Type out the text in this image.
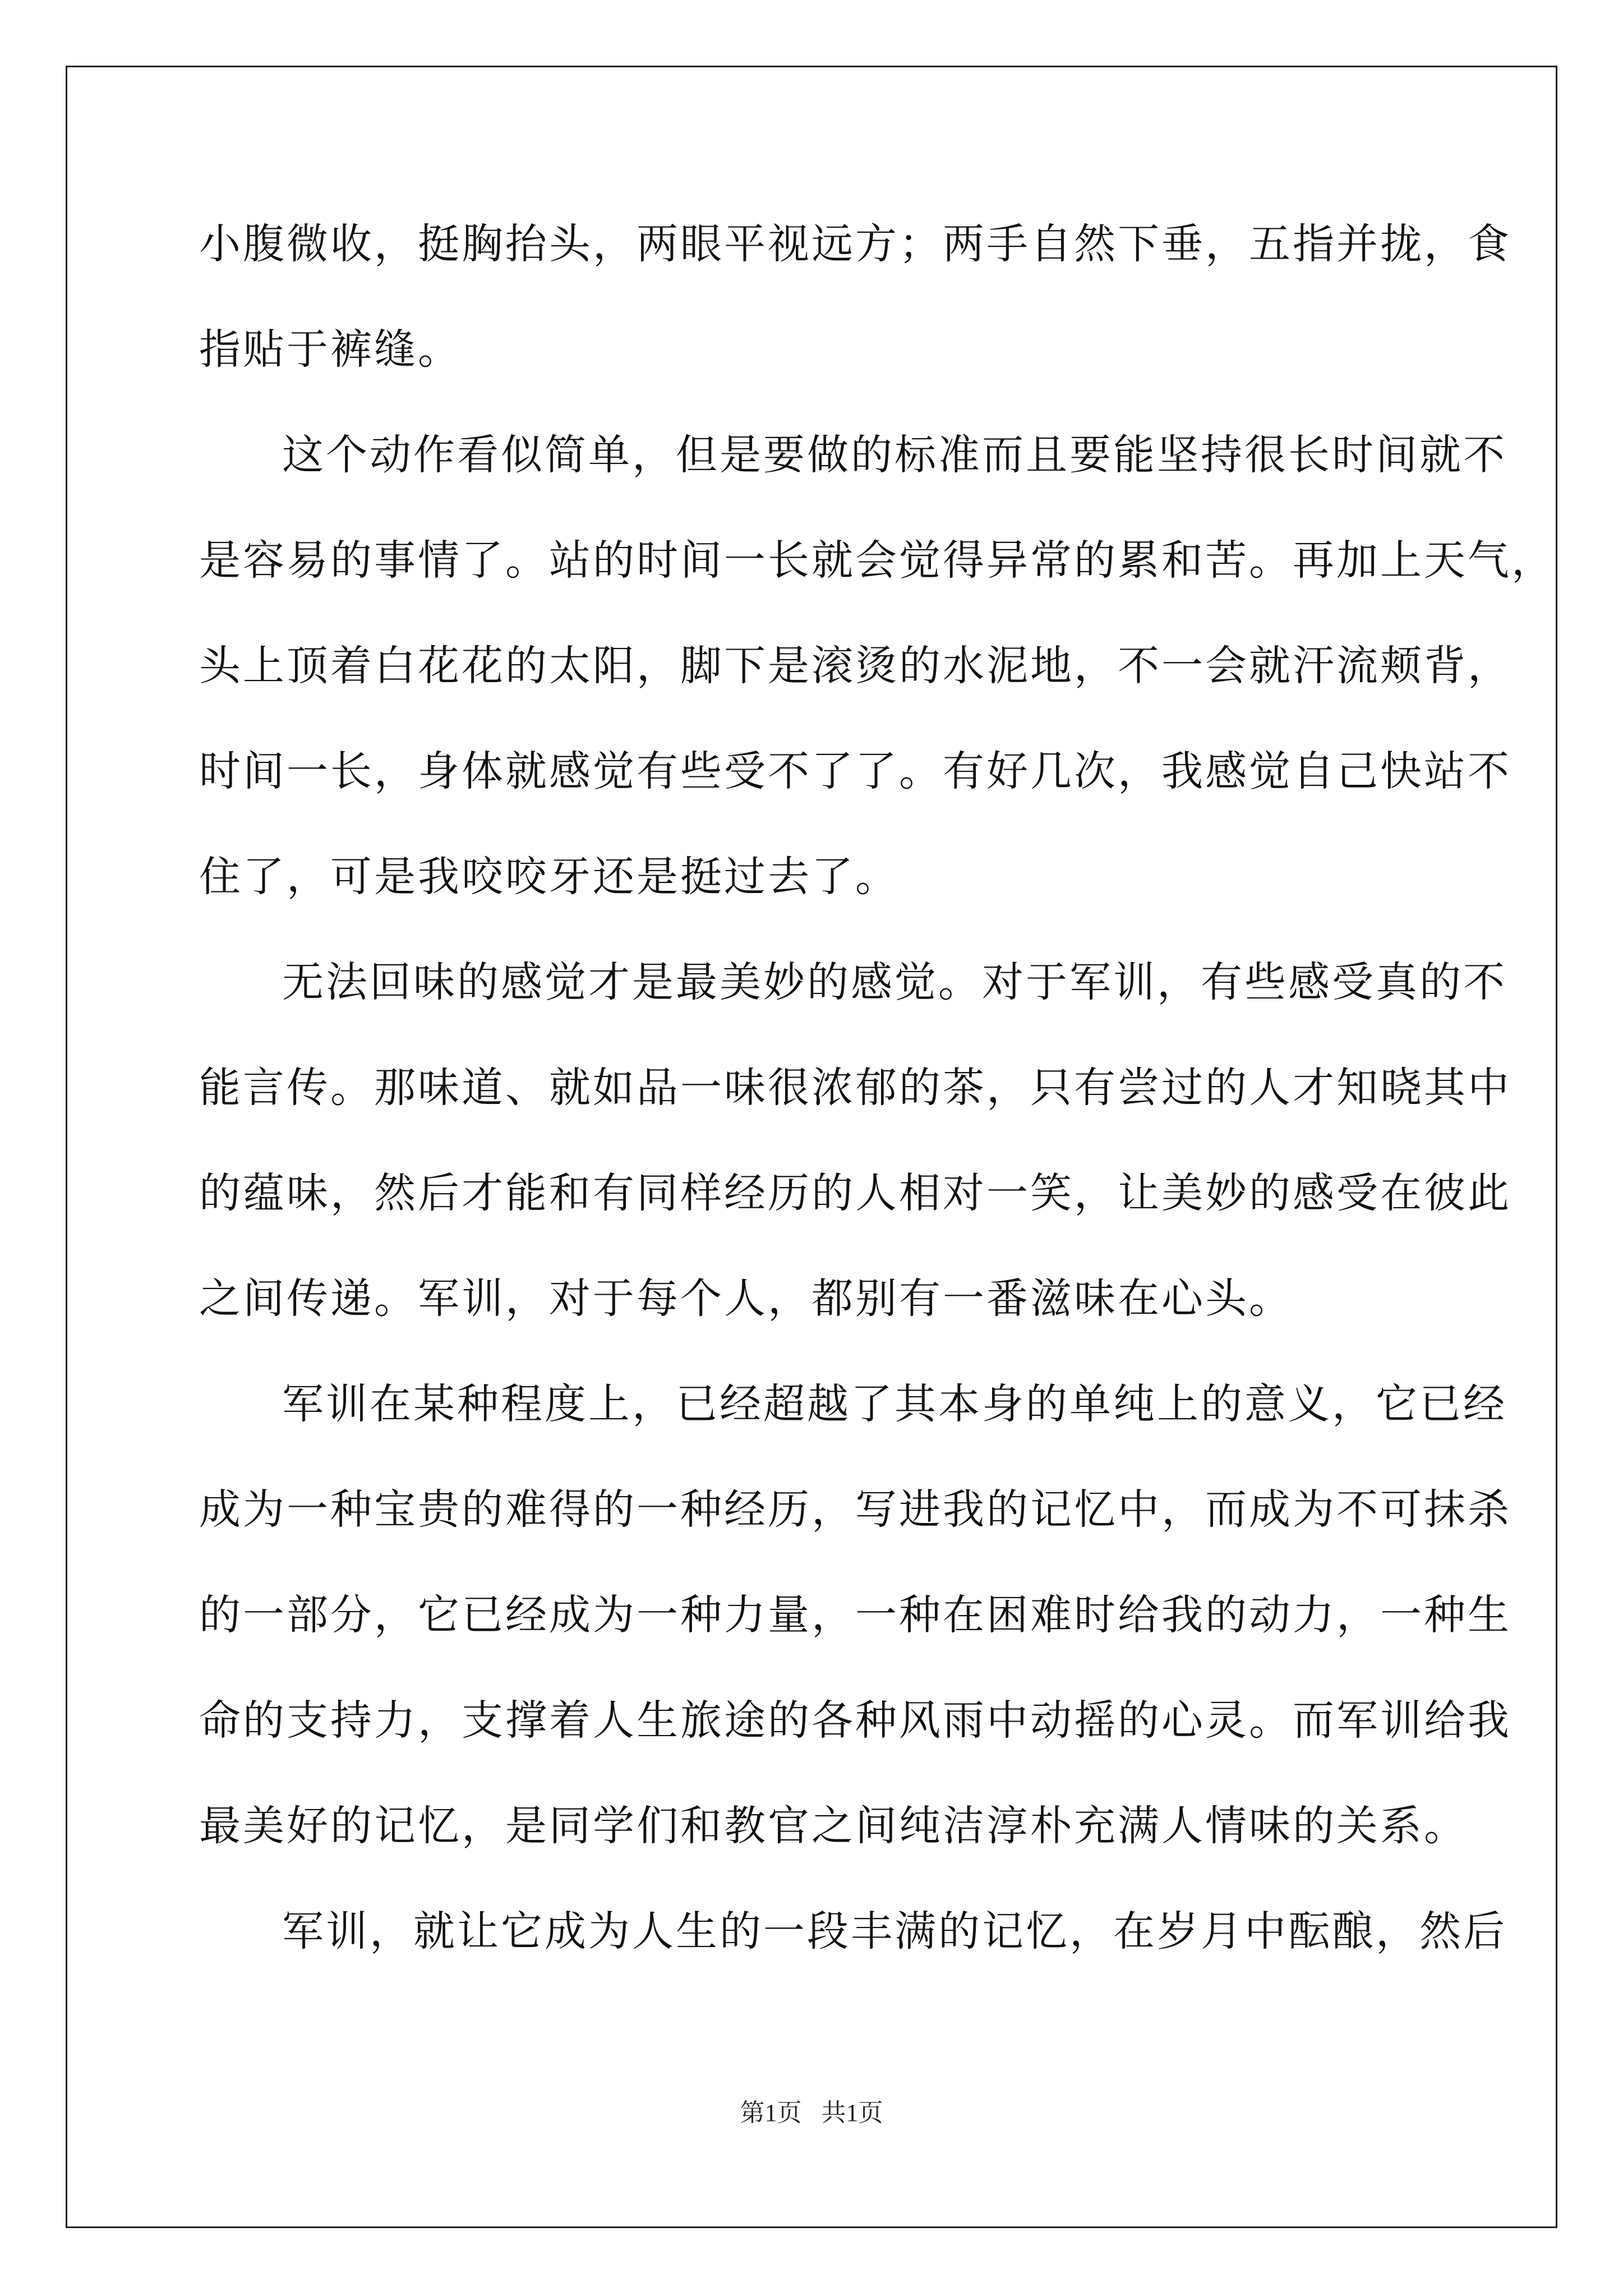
小腹微收，挺胸抬头，两眼平视远方；两手自然下垂，五指并拢，食
指贴于裤缝。
这个动作看似简单，但是要做的标准而且要能坚持很长时间就不
是容易的事情了。站的时间一长就会觉得异常的累和苦。再加上天气，
头上顶着白花花的太阳，脚下是滚烫的水泥地，不一会就汗流颊背，
时间一长，身体就感觉有些受不了了。有好几次，我感觉自己快站不
住了，可是我咬咬牙还是挺过去了。
无法回味的感觉才是最美妙的感觉。对于军训，有些感受真的不
能言传。那味道、就如品一味很浓郁的茶，只有尝过的人才知晓其中
的蕴味，然后才能和有同样经历的人相对一笑，让美妙的感受在彼此
之间传递。军训，对于每个人，都别有一番滋味在心头。
军训在某种程度上，已经超越了其本身的单纯上的意义，它已经
成为一种宝贵的难得的一种经历，写进我的记忆中，而成为不可抹杀
的一部分，它已经成为一种力量，一种在困难时给我的动力，一种生
命的支持力，支撑着人生旅途的各种风雨中动摇的心灵。而军训给我
最美好的记忆，是同学们和教官之间纯洁淳朴充满人情味的关系。
军训，就让它成为人生的一段丰满的记忆，在岁月中酝酿，然后
第1页 共1页
